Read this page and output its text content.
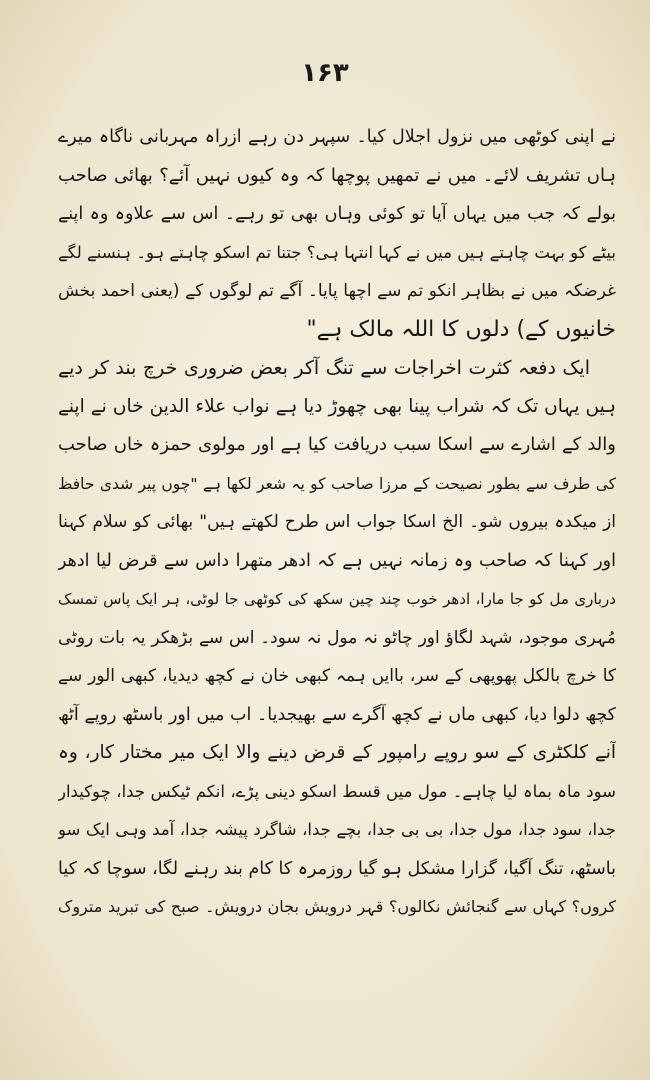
۱۶۳
نے اپنی کوٹھی میں نزول اجلال کیا۔ سپہر دن رہے ازراہ مہربانی ناگاہ میرے
ہاں تشریف لائے۔ میں نے تمھیں پوچھا کہ وہ کیوں نہیں آئے؟ بھائی صاحب
بولے کہ جب میں یہاں آیا تو کوئی وہاں بھی تو رہے۔ اس سے علاوہ وہ اپنے
بیٹے کو بہت چاہتے ہیں میں نے کہا انتہا ہی؟ جتنا تم اسکو چاہتے ہو۔ ہنسنے لگے
غرضکہ میں نے بظاہر انکو تم سے اچھا پایا۔ آگے تم لوگوں کے (یعنی احمد بخش
خانیوں کے) دلوں کا اللہ مالک ہے"
ایک دفعہ کثرت اخراجات سے تنگ آکر بعض ضروری خرچ بند کر دیے
ہیں یہاں تک کہ شراب پینا بھی چھوڑ دیا ہے نواب علاء الدین خاں نے اپنے
والد کے اشارے سے اسکا سبب دریافت کیا ہے اور مولوی حمزہ خاں صاحب
کی طرف سے بطور نصیحت کے مرزا صاحب کو یہ شعر لکھا ہے "چوں پیر شدی حافظ
از میکدہ بیروں شو۔ الخ اسکا جواب اس طرح لکھتے ہیں" بھائی کو سلام کہنا
اور کہنا کہ صاحب وہ زمانہ نہیں ہے کہ ادھر متھرا داس سے قرض لیا ادھر
درباری مل کو جا مارا، ادھر خوب چند چین سکھ کی کوٹھی جا لوٹی، ہر ایک پاس تمسک
مُہری موجود، شہد لگاؤ اور چاٹو نہ مول نہ سود۔ اس سے بڑھکر یہ بات روٹی
کا خرچ بالکل پھوپھی کے سر، باایں ہمہ کبھی خان نے کچھ دیدیا، کبھی الور سے
کچھ دلوا دیا، کبھی ماں نے کچھ آگرے سے بھیجدیا۔ اب میں اور باسٹھ روپے آٹھ
آنے کلکٹری کے سو روپے رامپور کے قرض دینے والا ایک میر مختار کار، وہ
سود ماہ بماہ لیا چاہے۔ مول میں قسط اسکو دینی پڑے، انکم ٹیکس جدا، چوکیدار
جدا، سود جدا، مول جدا، بی بی جدا، بچے جدا، شاگرد پیشہ جدا، آمد وہی ایک سو
باسٹھ، تنگ آگیا، گزارا مشکل ہو گیا روزمرہ کا کام بند رہنے لگا، سوچا کہ کیا
کروں؟ کہاں سے گنجائش نکالوں؟ قہر درویش بجان درویش۔ صبح کی تبرید متروک
